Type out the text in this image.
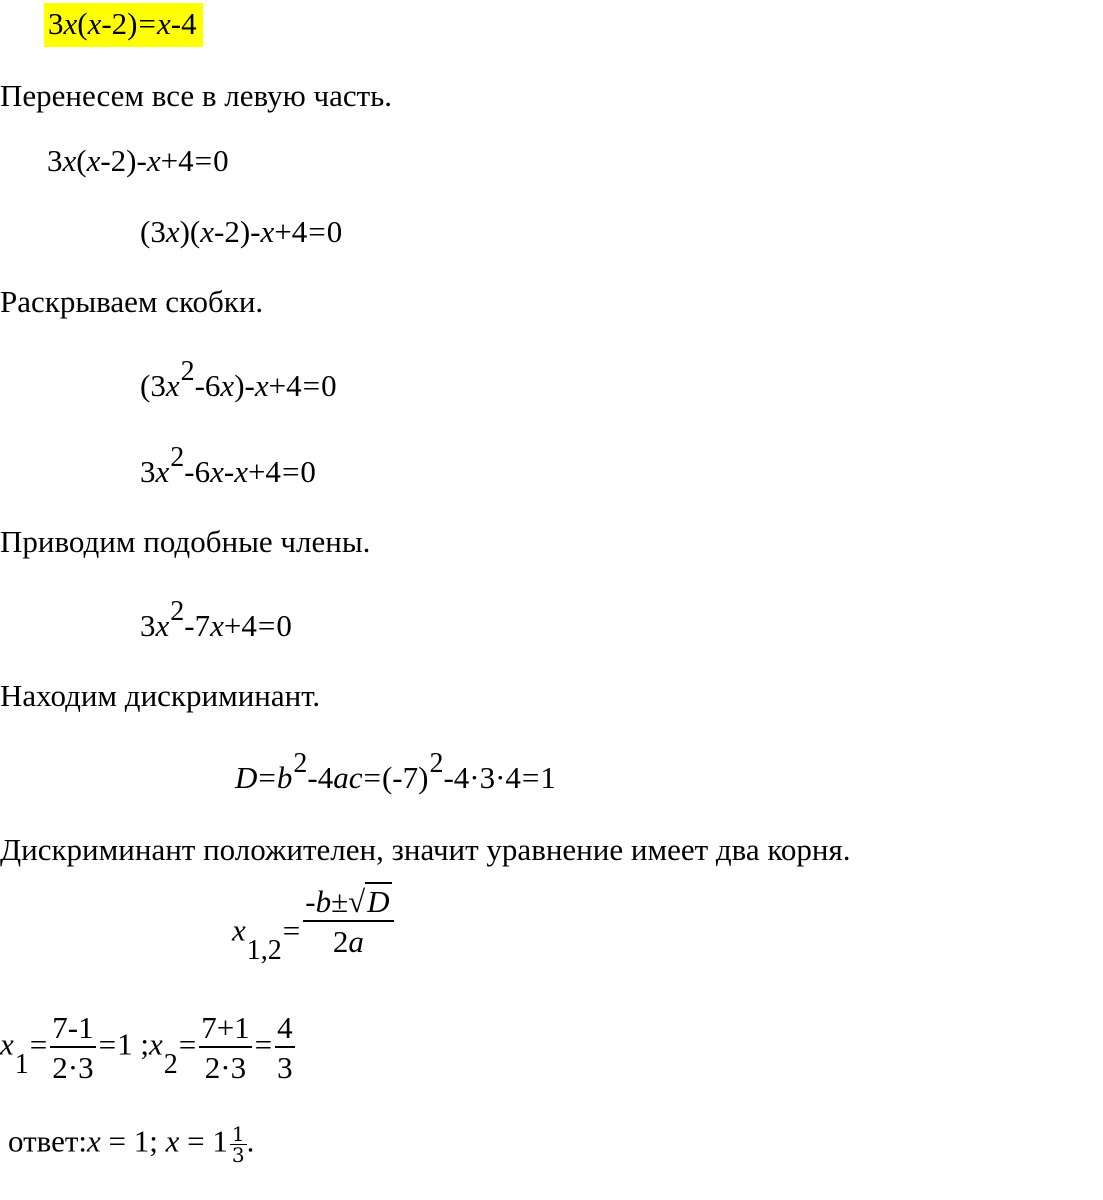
3x(x-2)=x-4
Перенесем все в левую часть.
3x(x-2)-x+4=0
(3x)(x-2)-x+4=0
Раскрываем скобки.
$(3x^2-6x)-x+4=0$
$3x^2-6x-x+4=0$
Приводим подобные члены.
$3x^2-7x+4=0$
Находим дискриминант.
$D=b^2-4ac=(-7)^2-4\cdot 3\cdot 4=1$
Дискриминант положителен, значит уравнение имеет два корня.
$x_{1,2}= \frac{-b\pm√D}{2a}$
$x_1= \frac{7-1}{2\cdot 3} =1$ $;x_2= \frac{7+1}{2\cdot 3} = \frac{4}{3}$
ответ:x = 1; $x = 1 \frac{1}{3}$ .
